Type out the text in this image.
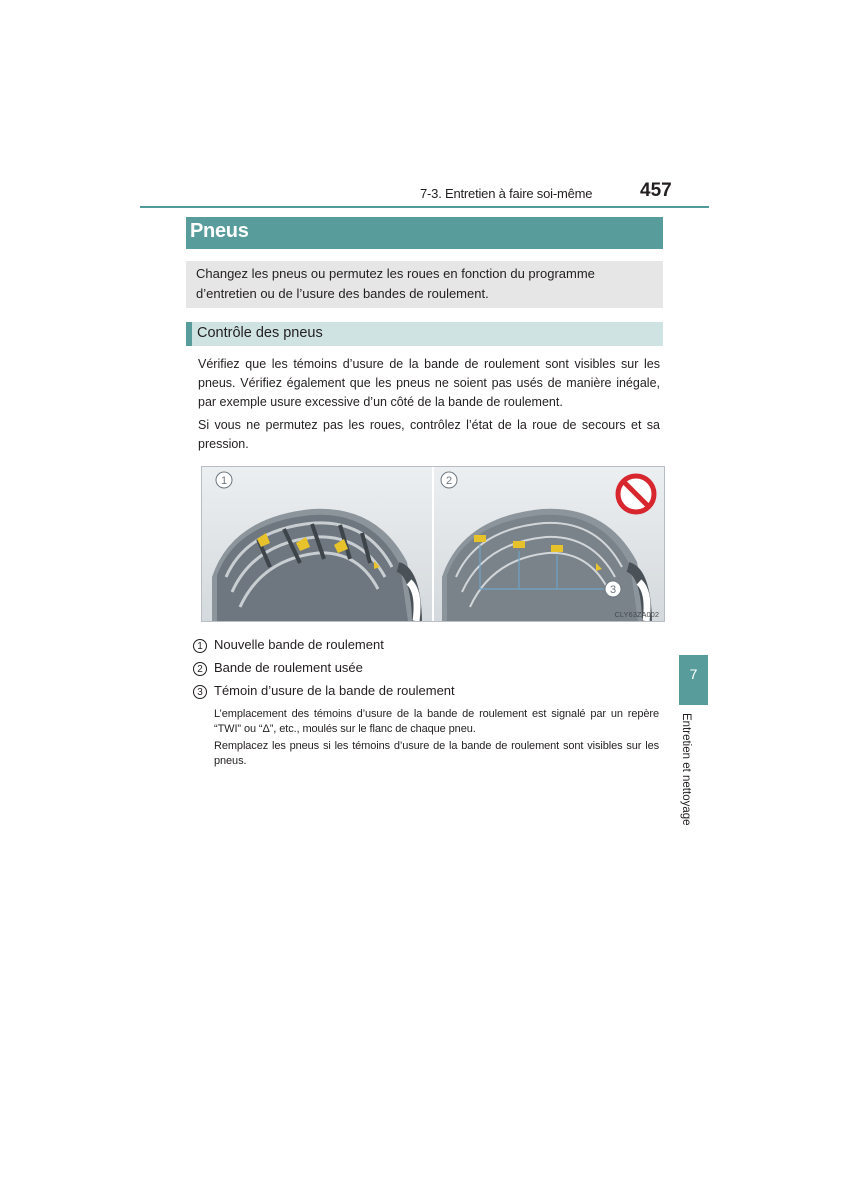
7-3. Entretien à faire soi-même	457
Pneus
Changez les pneus ou permutez les roues en fonction du programme d’entretien ou de l’usure des bandes de roulement.
Contrôle des pneus
Vérifiez que les témoins d’usure de la bande de roulement sont visibles sur les pneus. Vérifiez également que les pneus ne soient pas usés de manière inégale, par exemple usure excessive d’un côté de la bande de roulement.
Si vous ne permutez pas les roues, contrôlez l’état de la roue de secours et sa pression.
1	2
3
CLY63ZA002
1 Nouvelle bande de roulement
2 Bande de roulement usée
3 Témoin d’usure de la bande de roulement
L’emplacement des témoins d’usure de la bande de roulement est signalé par un repère “TWI” ou “Δ”, etc., moulés sur le flanc de chaque pneu.
Remplacez les pneus si les témoins d’usure de la bande de roulement sont visibles sur les pneus.
7
Entretien et nettoyage
